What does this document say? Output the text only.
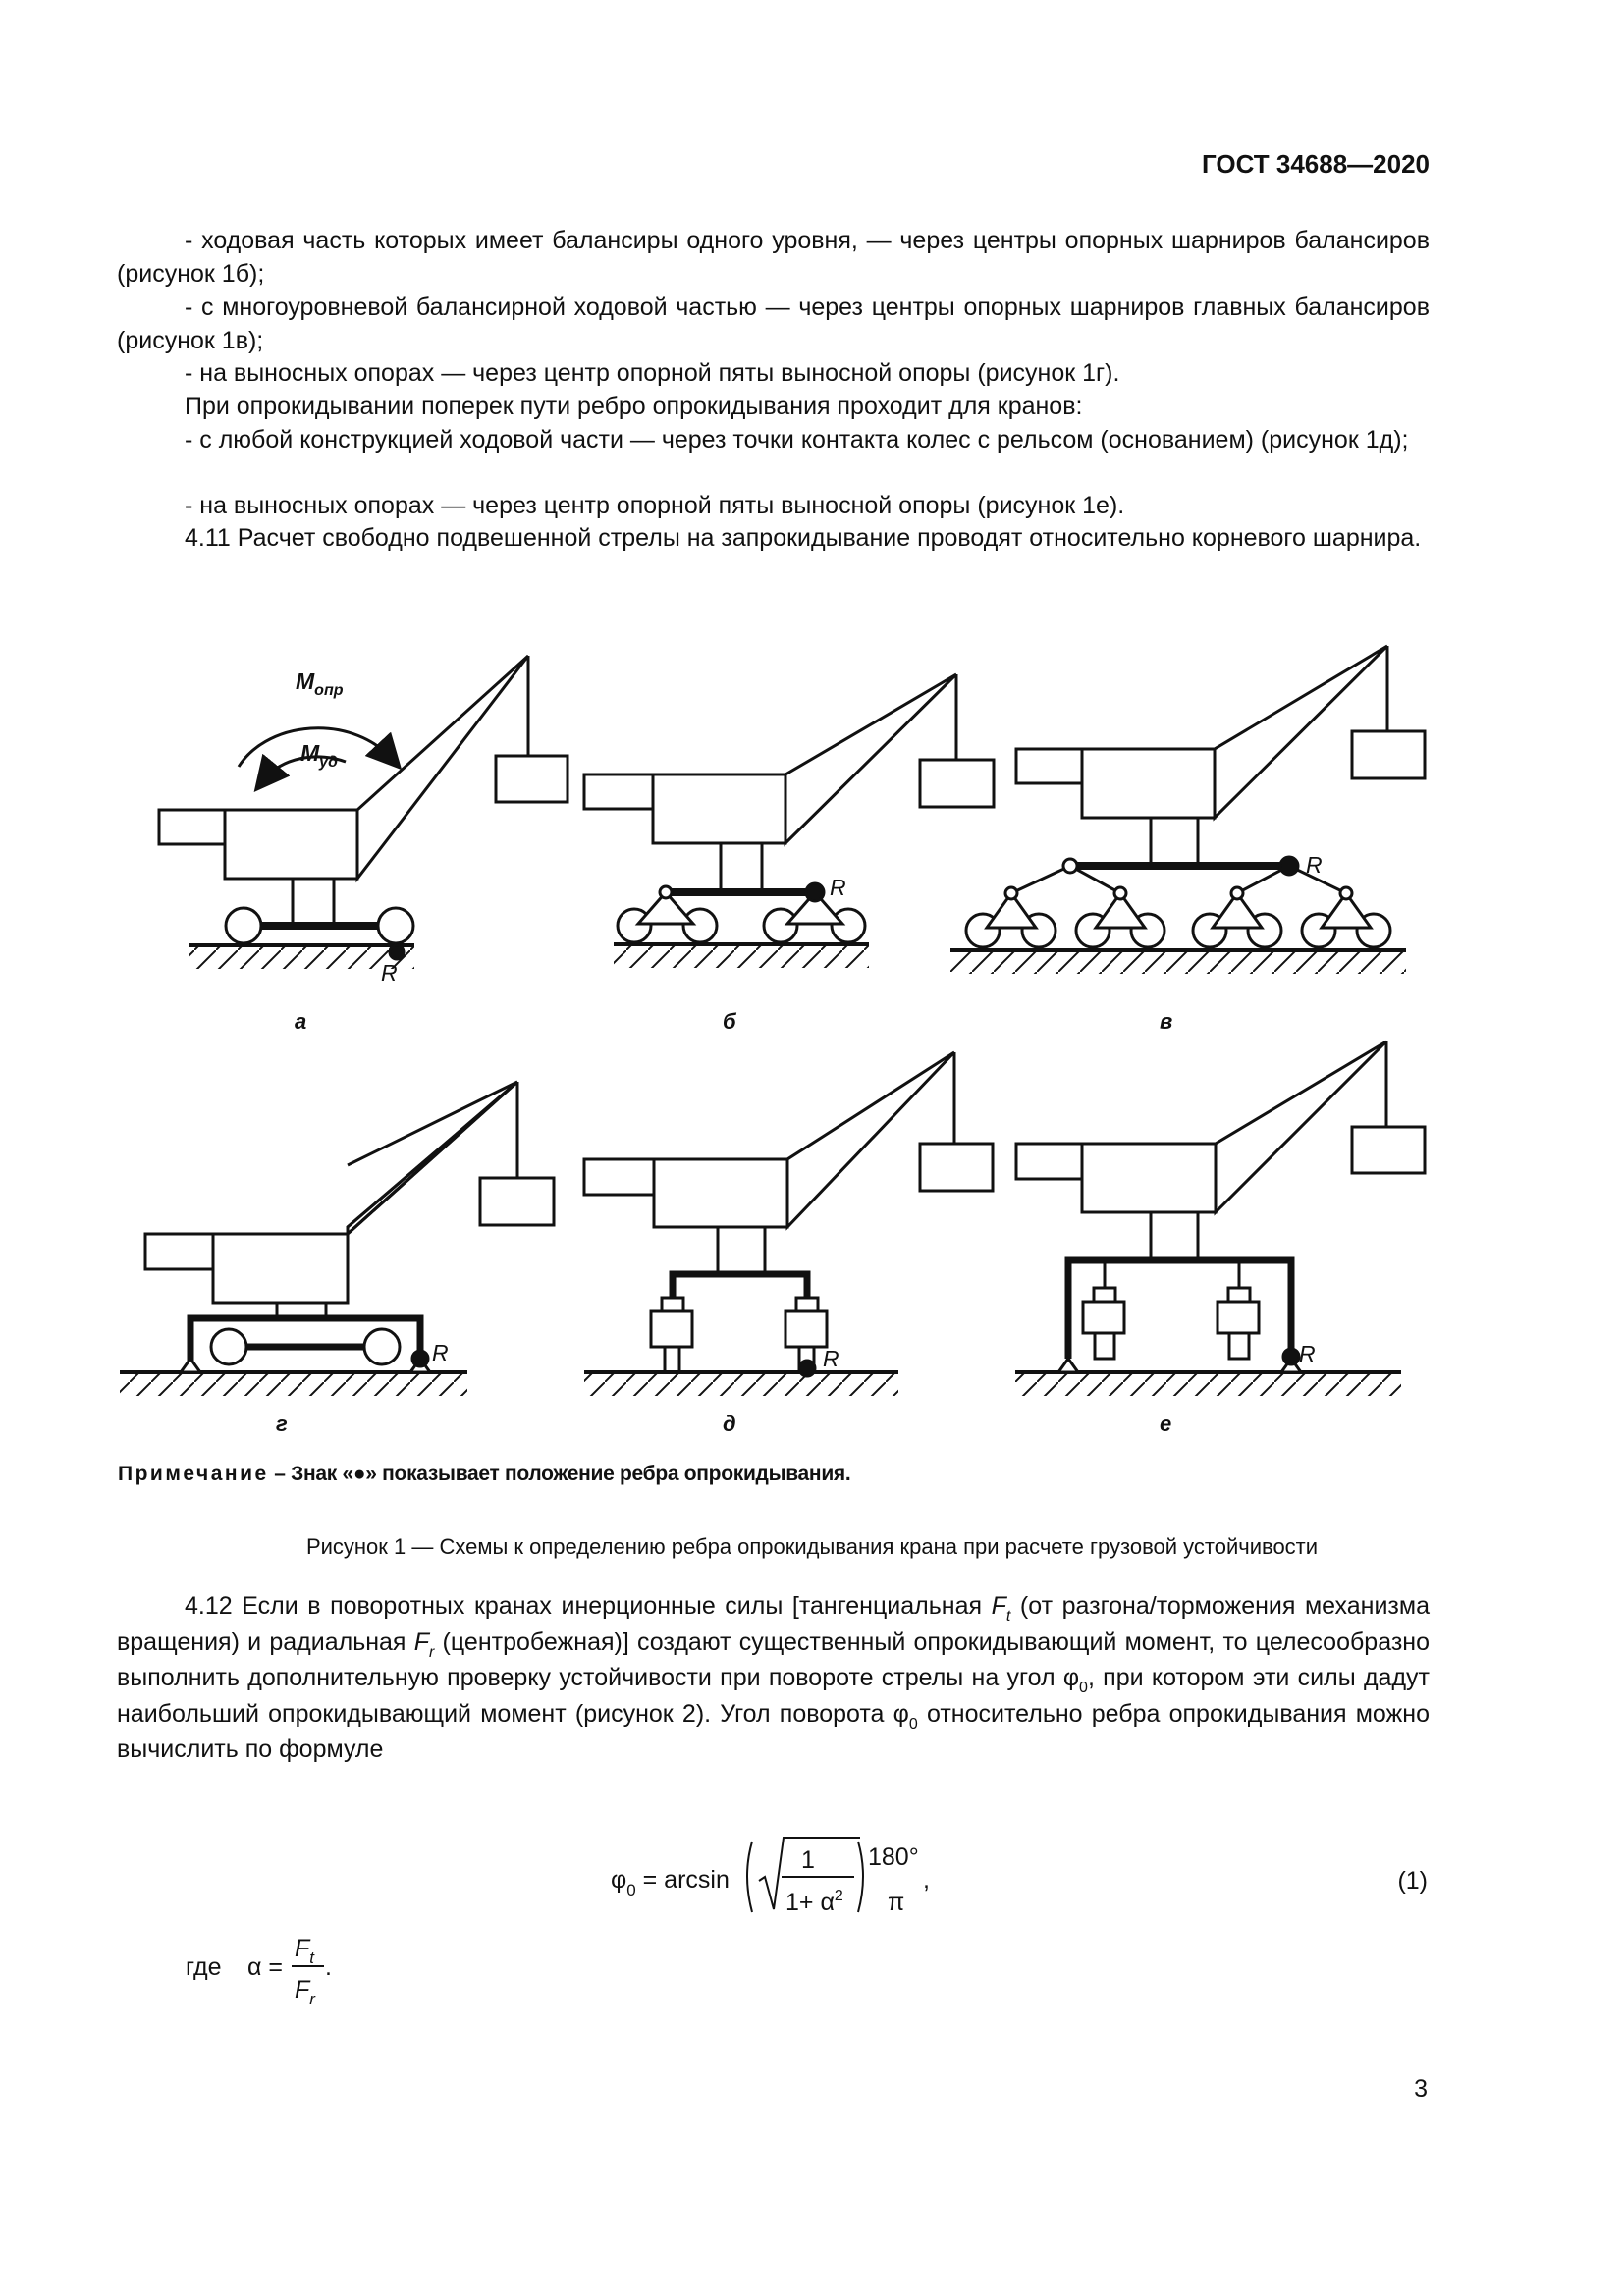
ГОСТ 34688—2020

- ходовая часть которых имеет балансиры одного уровня, — через центры опорных шарниров балансиров (рисунок 1б);

- с многоуровневой балансирной ходовой частью — через центры опорных шарниров главных балансиров (рисунок 1в);

- на выносных опорах — через центр опорной пяты выносной опоры (рисунок 1г).

При опрокидывании поперек пути ребро опрокидывания проходит для кранов:

- с любой конструкцией ходовой части — через точки контакта колес с рельсом (основанием) (рисунок 1д);

- на выносных опорах — через центр опорной пяты выносной опоры (рисунок 1е).

4.11 Расчет свободно подвешенной стрелы на запрокидывание проводят относительно корневого шарнира.

$M_{опр}$
$M_{уд}$
R
R
R
R	R	R
а	б	в
г	д	е
Примечание – Знак «●» показывает положение ребра опрокидывания.
Рисунок 1 — Схемы к определению ребра опрокидывания крана при расчете грузовой устойчивости

4.12 Если в поворотных кранах инерционные силы [тангенциальная $F_t$ (от разгона/торможения механизма вращения) и радиальная $F_r$ (центробежная)] создают существенный опрокидывающий момент, то целесообразно выполнить дополнительную проверку устойчивости при повороте стрелы на угол $\varphi_0$, при котором эти силы дадут наибольший опрокидывающий момент (рисунок 2). Угол поворота $\varphi_0$ относительно ребра опрокидывания можно вычислить по формуле

$\varphi_0 = \arcsin$
1
$1+ \alpha^2$
180°
π
,	(1)
где α =
$F_t$
$F_r$
.
3
